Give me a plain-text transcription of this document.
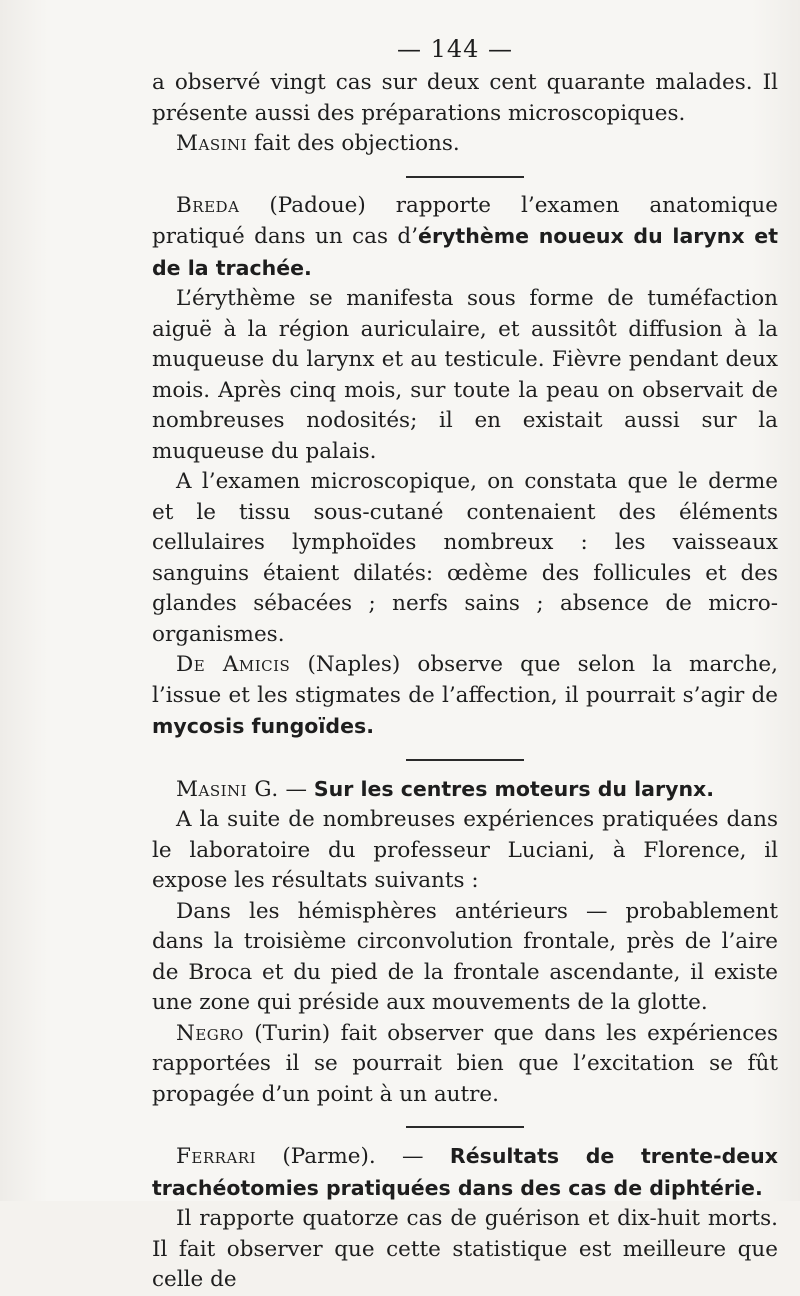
— 144 —

a observé vingt cas sur deux cent quarante malades. Il présente aussi des préparations microscopiques.

Masini fait des objections.

Breda (Padoue) rapporte l’examen anatomique pratiqué dans un cas d’érythème noueux du larynx et de la trachée.

L’érythème se manifesta sous forme de tuméfaction aiguë à la région auriculaire, et aussitôt diffusion à la muqueuse du larynx et au testicule. Fièvre pendant deux mois. Après cinq mois, sur toute la peau on observait de nombreuses nodosités; il en existait aussi sur la muqueuse du palais.

A l’examen microscopique, on constata que le derme et le tissu sous-cutané contenaient des éléments cellulaires lymphoïdes nombreux : les vaisseaux sanguins étaient dilatés: œdème des follicules et des glandes sébacées ; nerfs sains ; absence de micro-organismes.

De Amicis (Naples) observe que selon la marche, l’issue et les stigmates de l’affection, il pourrait s’agir de mycosis fungoïdes.

Masini G. — Sur les centres moteurs du larynx.

A la suite de nombreuses expériences pratiquées dans le laboratoire du professeur Luciani, à Florence, il expose les résultats suivants :

Dans les hémisphères antérieurs — probablement dans la troisième circonvolution frontale, près de l’aire de Broca et du pied de la frontale ascendante, il existe une zone qui préside aux mouvements de la glotte.

Negro (Turin) fait observer que dans les expériences rapportées il se pourrait bien que l’excitation se fût propagée d’un point à un autre.

Ferrari (Parme). — Résultats de trente-deux trachéotomies pratiquées dans des cas de diphtérie.

Il rapporte quatorze cas de guérison et dix-huit morts. Il fait observer que cette statistique est meilleure que celle de
